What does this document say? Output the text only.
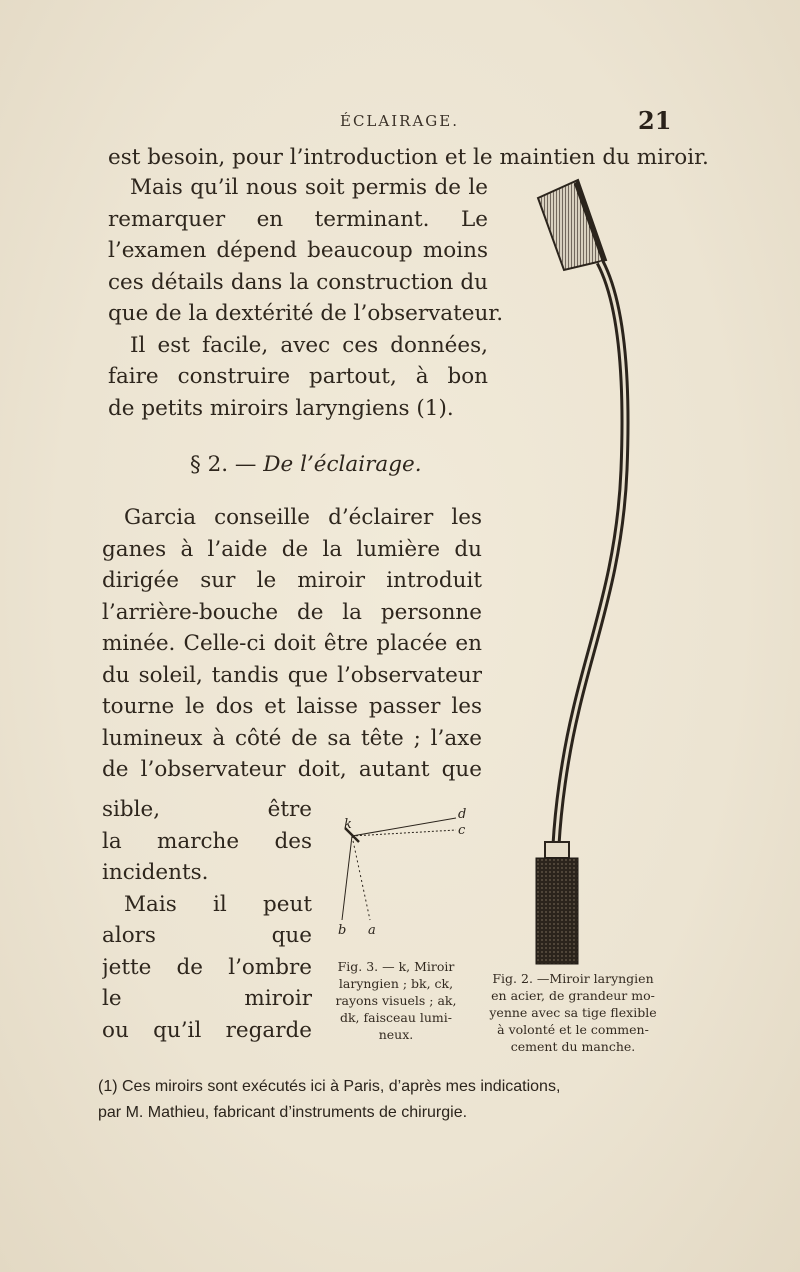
ÉCLAIRAGE.	21
est besoin, pour l’introduction et le maintien du miroir.
Mais qu’il nous soit permis de le
remarquer en terminant. Le
l’examen dépend beaucoup moins
ces détails dans la construction du
que de la dextérité de l’observateur.
Il est facile, avec ces données,
faire construire partout, à bon
de petits miroirs laryngiens (1).
§ 2. — De l’éclairage.
Garcia conseille d’éclairer les
ganes à l’aide de la lumière du
dirigée sur le miroir introduit
l’arrière-bouche de la personne
minée. Celle-ci doit être placée en
du soleil, tandis que l’observateur
tourne le dos et laisse passer les
lumineux à côté de sa tête ; l’axe
de l’observateur doit, autant que
sible, être
la marche des
incidents.
Mais il peut
alors que
jette de l’ombre
le miroir
ou qu’il regarde
k
d
c
b a
Fig. 3. — k, Miroir
laryngien ; bk, ck,
rayons visuels ; ak,
dk, faisceau lumi-
neux.
Fig. 2. —Miroir laryngien
en acier, de grandeur mo-
yenne avec sa tige flexible
à volonté et le commen-
cement du manche.
(1) Ces miroirs sont exécutés ici à Paris, d’après mes indications,
par M. Mathieu, fabricant d’instruments de chirurgie.
